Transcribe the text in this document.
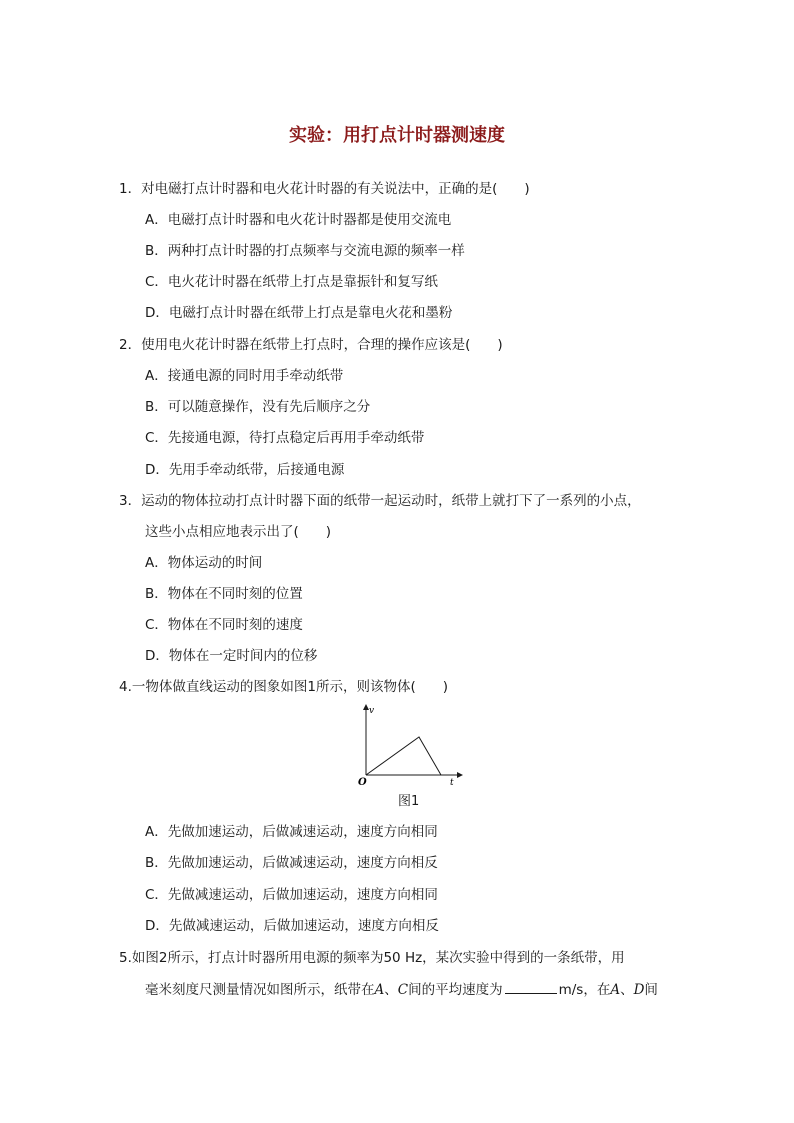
实验：用打点计时器测速度
1．对电磁打点计时器和电火花计时器的有关说法中，正确的是(　　)
A．电磁打点计时器和电火花计时器都是使用交流电
B．两种打点计时器的打点频率与交流电源的频率一样
C．电火花计时器在纸带上打点是靠振针和复写纸
D．电磁打点计时器在纸带上打点是靠电火花和墨粉
2．使用电火花计时器在纸带上打点时，合理的操作应该是(　　)
A．接通电源的同时用手牵动纸带
B．可以随意操作，没有先后顺序之分
C．先接通电源，待打点稳定后再用手牵动纸带
D．先用手牵动纸带，后接通电源
3．运动的物体拉动打点计时器下面的纸带一起运动时，纸带上就打下了一系列的小点，
这些小点相应地表示出了(　　)
A．物体运动的时间
B．物体在不同时刻的位置
C．物体在不同时刻的速度
D．物体在一定时间内的位移
4.一物体做直线运动的图象如图1所示，则该物体(　　)
v
t
O
图1
A．先做加速运动，后做减速运动，速度方向相同
B．先做加速运动，后做减速运动，速度方向相反
C．先做减速运动，后做加速运动，速度方向相同
D．先做减速运动，后做加速运动，速度方向相反
5.如图2所示，打点计时器所用电源的频率为50 Hz，某次实验中得到的一条纸带，用
毫米刻度尺测量情况如图所示，纸带在A、C间的平均速度为	m/s，在A、D间
